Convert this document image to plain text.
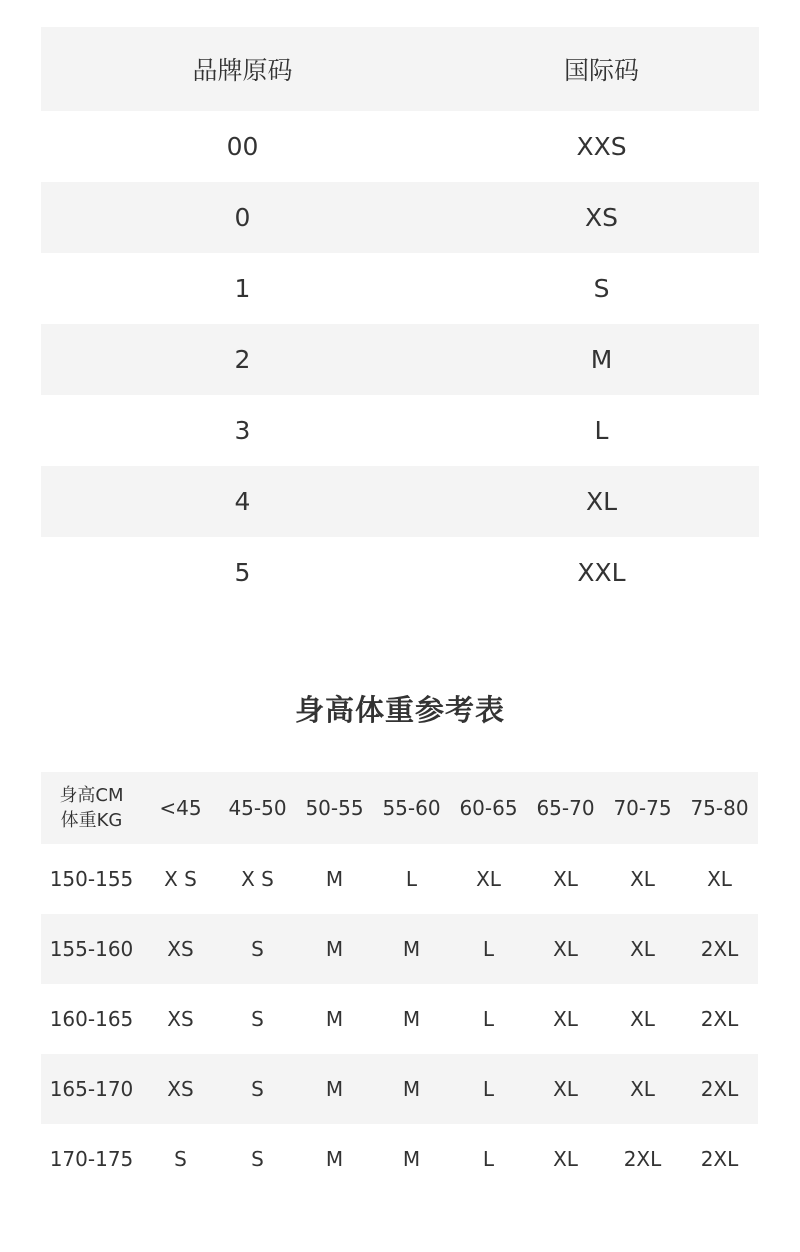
品牌原码	国际码
00	XXS
0	XS
1	S
2	M
3	L
4	XL
5	XXL
身高体重参考表
身高CM
体重KG
<45	45-50 50-55 55-60 60-65 65-70 70-75 75-80
150-155	X S	X S	M	L	XL	XL	XL	XL
155-160	XS	S	M	M	L	XL	XL	2XL
160-165	XS	S	M	M	L	XL	XL	2XL
165-170	XS	S	M	M	L	XL	XL	2XL
170-175	S	S	M	M	L	XL	2XL	2XL
